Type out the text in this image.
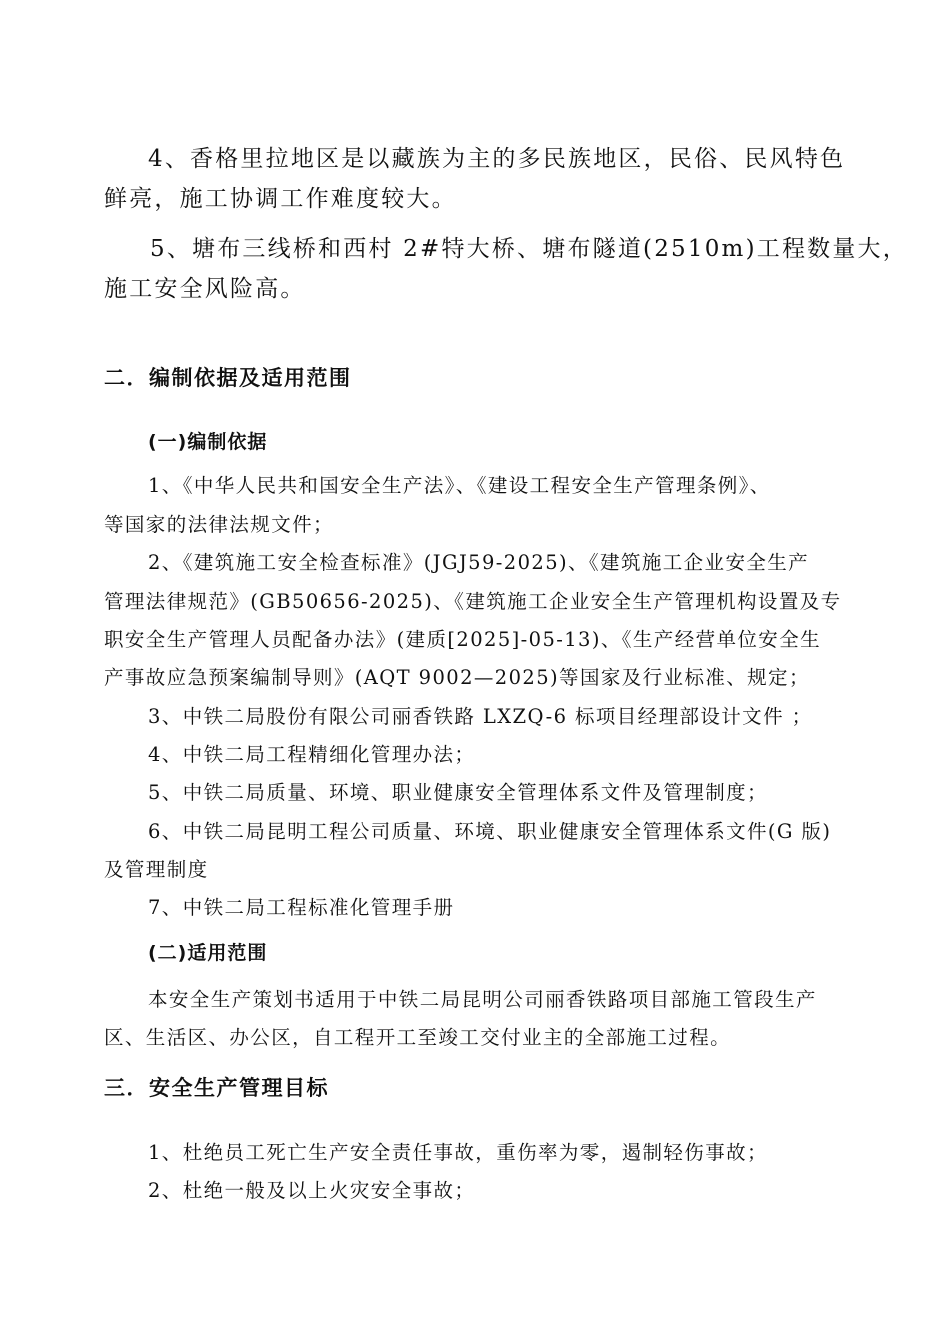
4、香格里拉地区是以藏族为主的多民族地区，民俗、民风特色

鲜亮，施工协调工作难度较大。

5、塘布三线桥和西村 2#特大桥、塘布隧道(2510m)工程数量大，

施工安全风险高。

二．编制依据及适用范围
(一)编制依据

1、《中华人民共和国安全生产法》、《建设工程安全生产管理条例》、

等国家的法律法规文件；

2、《建筑施工安全检查标准》(JGJ59-2025)、《建筑施工企业安全生产

管理法律规范》(GB50656-2025)、《建筑施工企业安全生产管理机构设置及专

职安全生产管理人员配备办法》(建质[2025]-05-13)、《生产经营单位安全生

产事故应急预案编制导则》(AQT 9002—2025)等国家及行业标准、规定；

3、中铁二局股份有限公司丽香铁路 LXZQ-6 标项目经理部设计文件 ；

4、中铁二局工程精细化管理办法；

5、中铁二局质量、环境、职业健康安全管理体系文件及管理制度；

6、中铁二局昆明工程公司质量、环境、职业健康安全管理体系文件(G 版)

及管理制度

7、中铁二局工程标准化管理手册

(二)适用范围

本安全生产策划书适用于中铁二局昆明公司丽香铁路项目部施工管段生产

区、生活区、办公区，自工程开工至竣工交付业主的全部施工过程。

三．安全生产管理目标

1、杜绝员工死亡生产安全责任事故，重伤率为零，遏制轻伤事故；

2、杜绝一般及以上火灾安全事故；
